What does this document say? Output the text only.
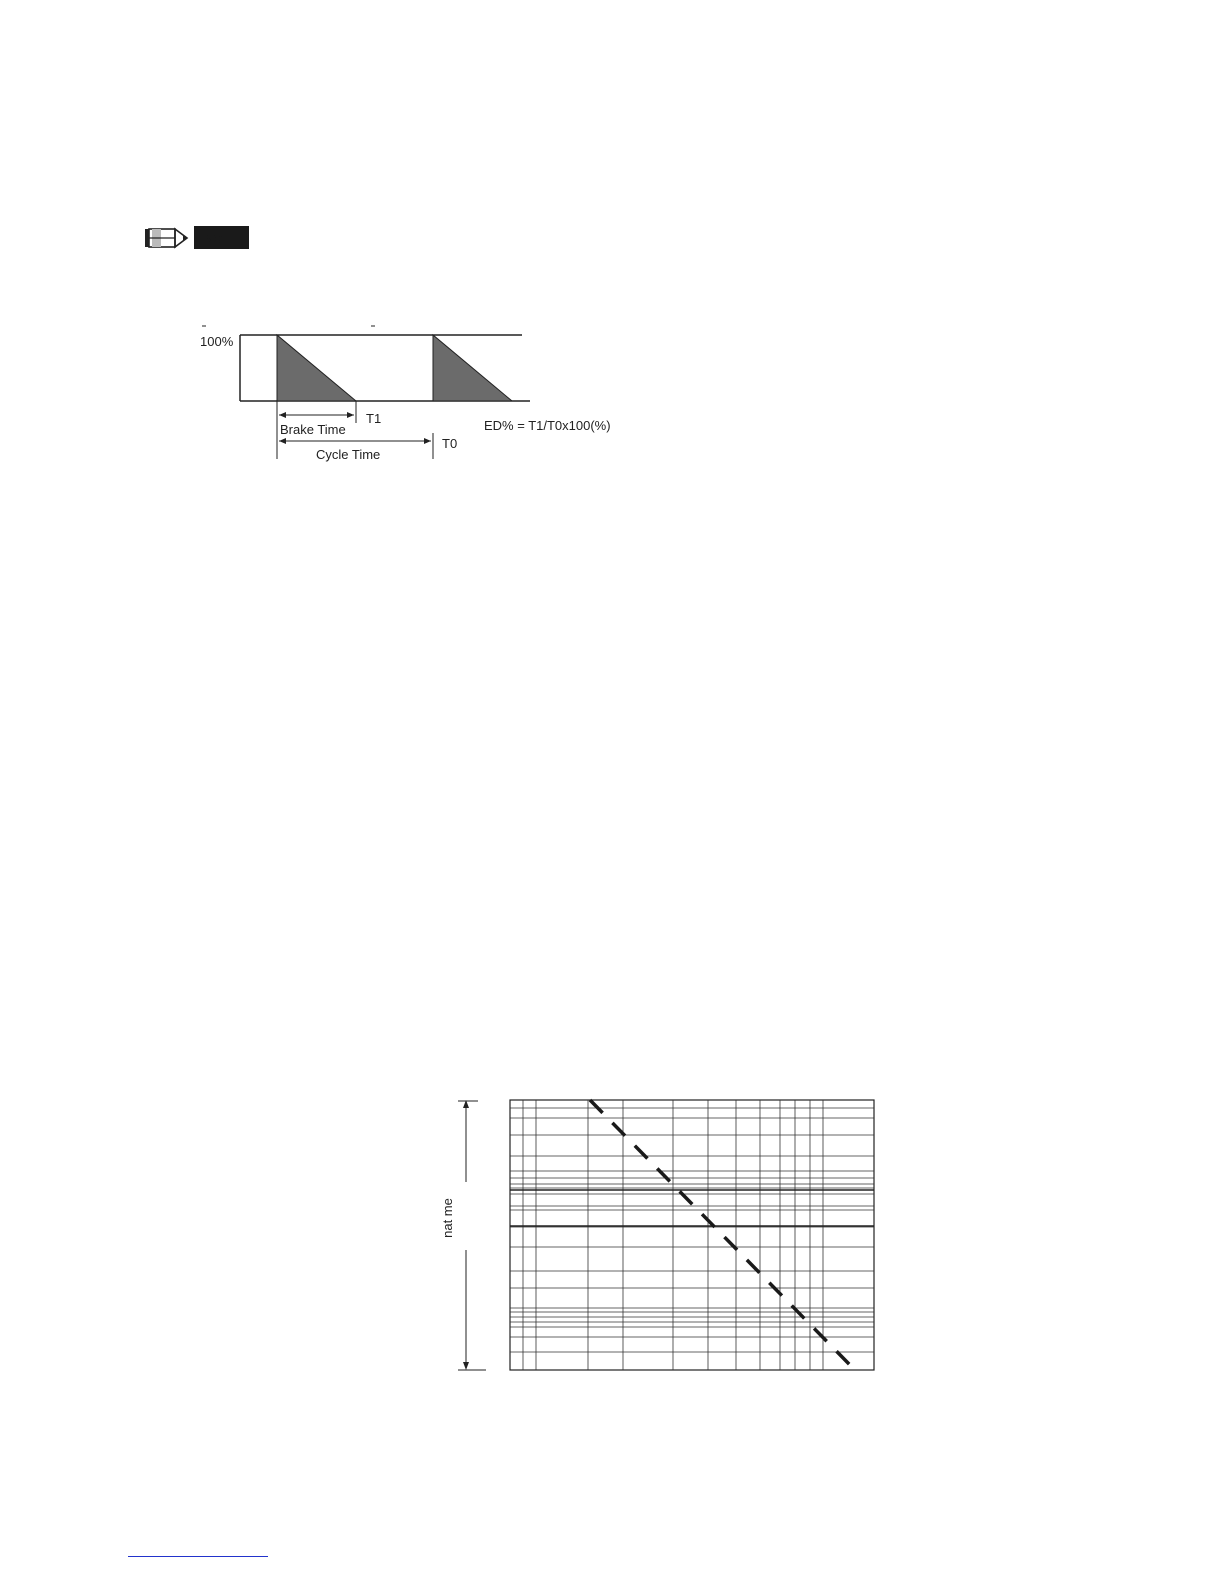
NOTE
100%
Brake Time
T1
Cycle Time
T0
ED% = T1/T0x100(%)
nat me
